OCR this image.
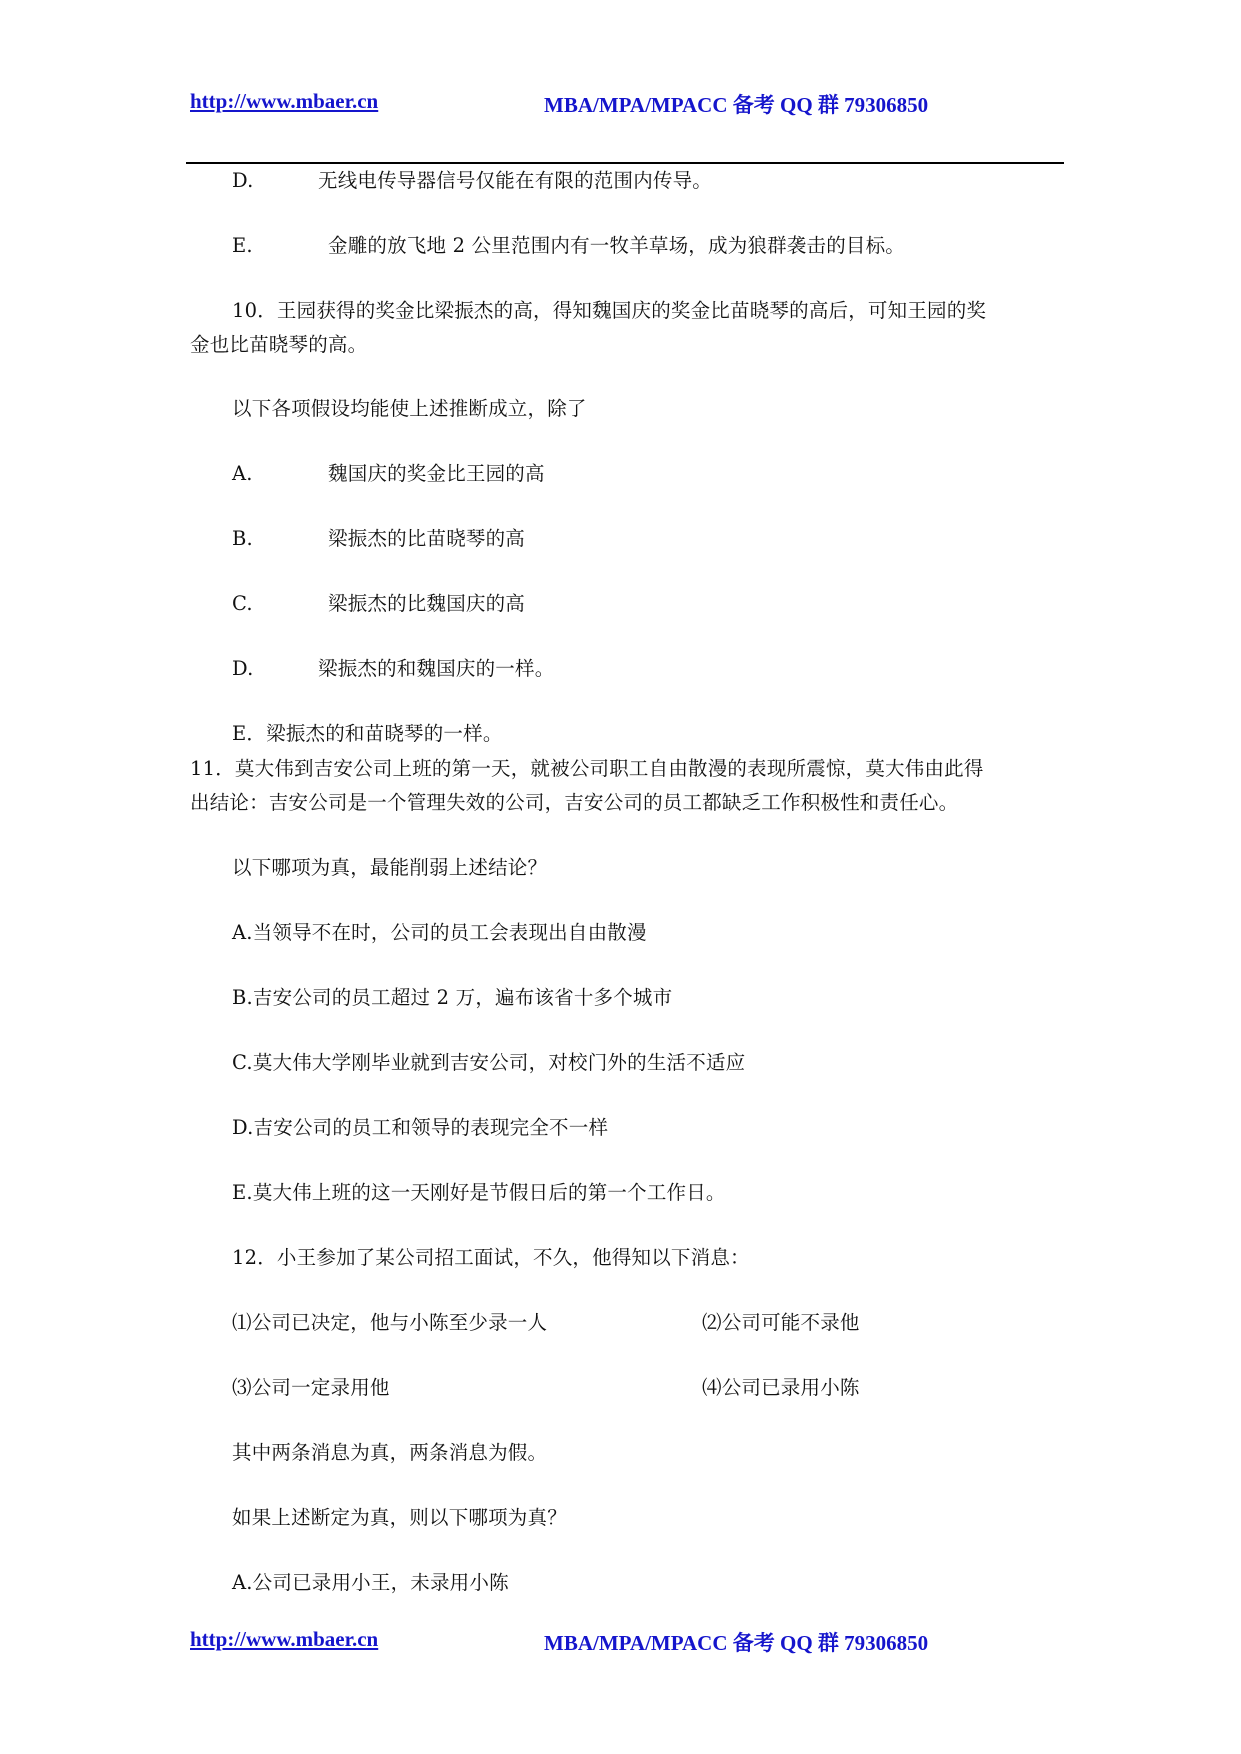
http://www.mbaer.cn	MBA/MPA/MPACC 备考 QQ 群 79306850
D.	无线电传导器信号仅能在有限的范围内传导。
E.	金雕的放飞地 2 公里范围内有一牧羊草场，成为狼群袭击的目标。
10．王园获得的奖金比梁振杰的高，得知魏国庆的奖金比苗晓琴的高后，可知王园的奖
金也比苗晓琴的高。
以下各项假设均能使上述推断成立，除了
A.	魏国庆的奖金比王园的高
B.	梁振杰的比苗晓琴的高
C.	梁振杰的比魏国庆的高
D.	梁振杰的和魏国庆的一样。
E．梁振杰的和苗晓琴的一样。
11．莫大伟到吉安公司上班的第一天，就被公司职工自由散漫的表现所震惊，莫大伟由此得
出结论：吉安公司是一个管理失效的公司，吉安公司的员工都缺乏工作积极性和责任心。
以下哪项为真，最能削弱上述结论？
A.当领导不在时，公司的员工会表现出自由散漫
B.吉安公司的员工超过 2 万，遍布该省十多个城市
C.莫大伟大学刚毕业就到吉安公司，对校门外的生活不适应
D.吉安公司的员工和领导的表现完全不一样
E.莫大伟上班的这一天刚好是节假日后的第一个工作日。
12．小王参加了某公司招工面试，不久，他得知以下消息：
⑴公司已决定，他与小陈至少录一人	⑵公司可能不录他
⑶公司一定录用他	⑷公司已录用小陈
其中两条消息为真，两条消息为假。
如果上述断定为真，则以下哪项为真？
A.公司已录用小王，未录用小陈
http://www.mbaer.cn	MBA/MPA/MPACC 备考 QQ 群 79306850
